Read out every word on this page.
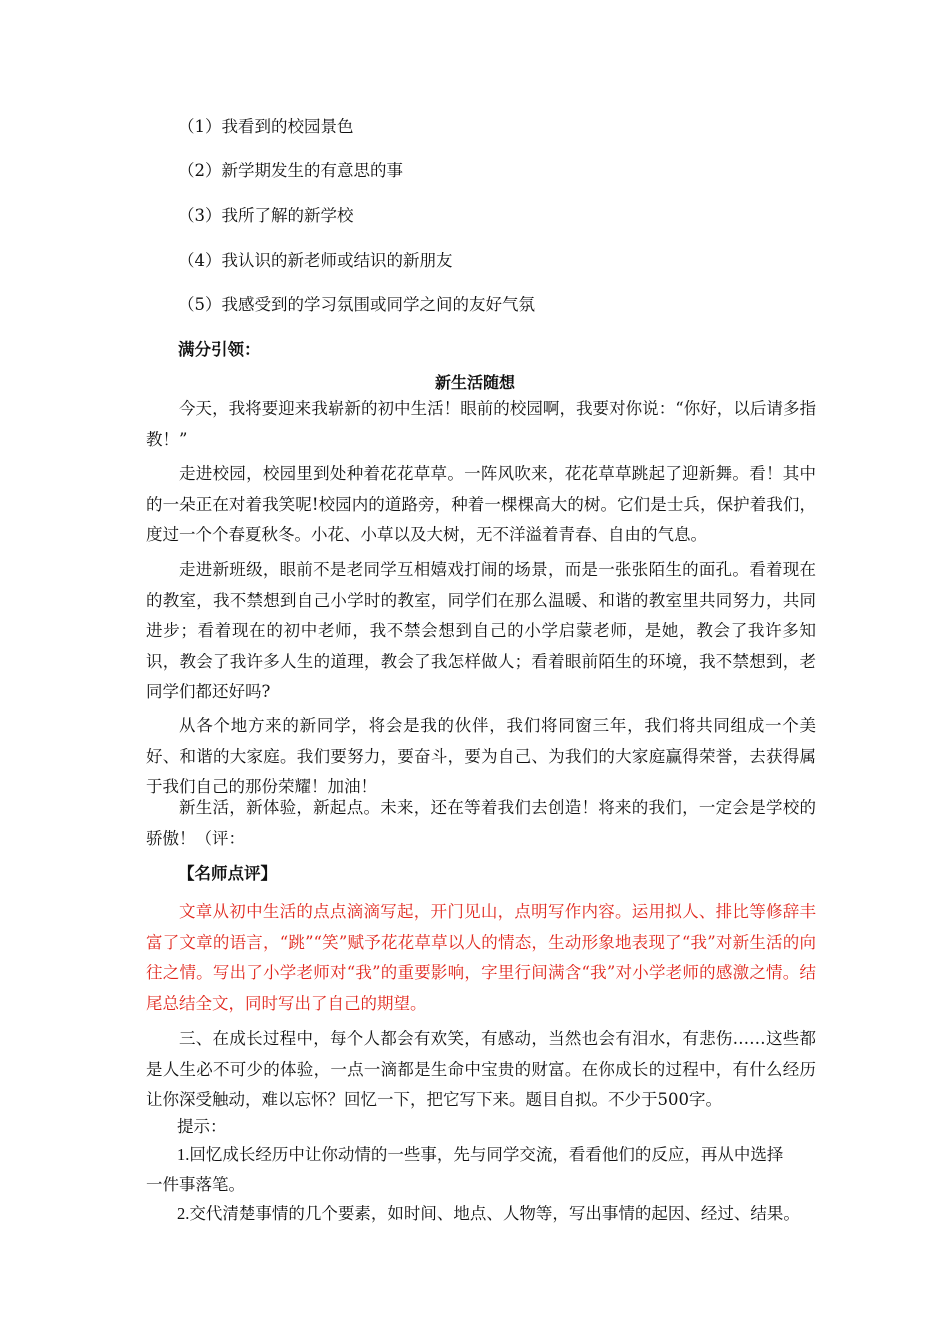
（1）我看到的校园景色
（2）新学期发生的有意思的事
（3）我所了解的新学校
（4）我认识的新老师或结识的新朋友
（5）我感受到的学习氛围或同学之间的友好气氛
满分引领：
新生活随想

今天，我将要迎来我崭新的初中生活！眼前的校园啊，我要对你说：“你好，以后请多指教！”

走进校园，校园里到处种着花花草草。一阵风吹来，花花草草跳起了迎新舞。看！其中的一朵正在对着我笑呢!校园内的道路旁，种着一棵棵高大的树。它们是士兵，保护着我们，度过一个个春夏秋冬。小花、小草以及大树，无不洋溢着青春、自由的气息。

走进新班级，眼前不是老同学互相嬉戏打闹的场景，而是一张张陌生的面孔。看着现在的教室，我不禁想到自己小学时的教室，同学们在那么温暖、和谐的教室里共同努力，共同进步；看着现在的初中老师，我不禁会想到自己的小学启蒙老师，是她，教会了我许多知识，教会了我许多人生的道理，教会了我怎样做人；看着眼前陌生的环境，我不禁想到，老同学们都还好吗?

从各个地方来的新同学，将会是我的伙伴，我们将同窗三年，我们将共同组成一个美好、和谐的大家庭。我们要努力，要奋斗，要为自己、为我们的大家庭赢得荣誉，去获得属于我们自己的那份荣耀！加油！

新生活，新体验，新起点。未来，还在等着我们去创造！将来的我们，一定会是学校的骄傲！（评：

【名师点评】

文章从初中生活的点点滴滴写起，开门见山，点明写作内容。运用拟人、排比等修辞丰富了文章的语言，“跳”“笑”赋予花花草草以人的情态，生动形象地表现了“我”对新生活的向往之情。写出了小学老师对“我”的重要影响，字里行间满含“我”对小学老师的感激之情。结尾总结全文，同时写出了自己的期望。

三、在成长过程中，每个人都会有欢笑，有感动，当然也会有泪水，有悲伤……这些都是人生必不可少的体验，一点一滴都是生命中宝贵的财富。在你成长的过程中，有什么经历让你深受触动，难以忘怀？回忆一下，把它写下来。题目自拟。不少于500字。

提示：

1.回忆成长经历中让你动情的一些事，先与同学交流，看看他们的反应，再从中选择

一件事落笔。

2.交代清楚事情的几个要素，如时间、地点、人物等，写出事情的起因、经过、结果。
